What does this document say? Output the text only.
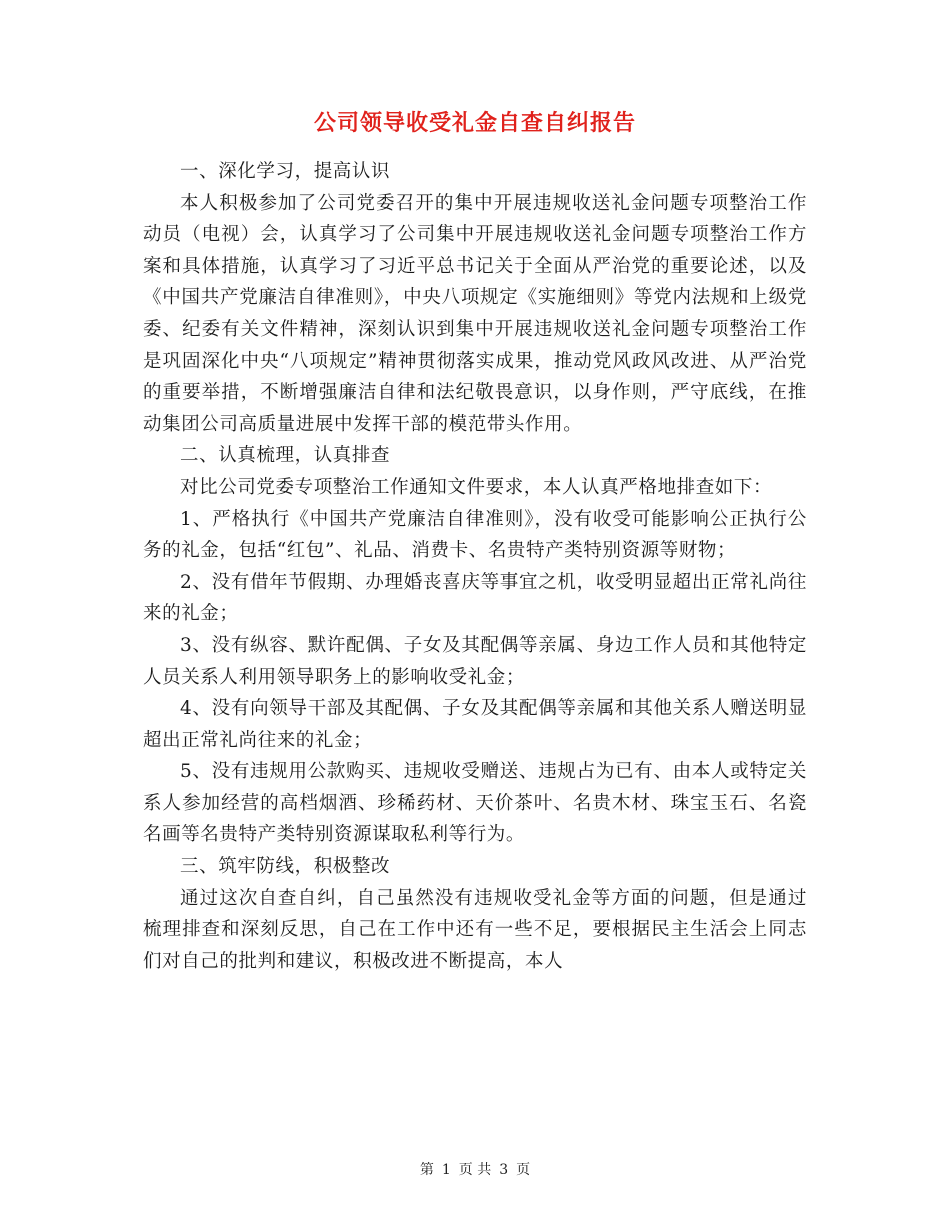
公司领导收受礼金自查自纠报告

一、深化学习，提高认识

本人积极参加了公司党委召开的集中开展违规收送礼金问题专项整治工作动员（电视）会，认真学习了公司集中开展违规收送礼金问题专项整治工作方案和具体措施，认真学习了习近平总书记关于全面从严治党的重要论述，以及《中国共产党廉洁自律准则》，中央八项规定《实施细则》等党内法规和上级党委、纪委有关文件精神，深刻认识到集中开展违规收送礼金问题专项整治工作是巩固深化中央“八项规定”精神贯彻落实成果，推动党风政风改进、从严治党的重要举措，不断增强廉洁自律和法纪敬畏意识，以身作则，严守底线，在推动集团公司高质量进展中发挥干部的模范带头作用。

二、认真梳理，认真排查

对比公司党委专项整治工作通知文件要求，本人认真严格地排查如下：

1、严格执行《中国共产党廉洁自律准则》，没有收受可能影响公正执行公务的礼金，包括“红包”、礼品、消费卡、名贵特产类特别资源等财物；

2、没有借年节假期、办理婚丧喜庆等事宜之机，收受明显超出正常礼尚往来的礼金；

3、没有纵容、默许配偶、子女及其配偶等亲属、身边工作人员和其他特定人员关系人利用领导职务上的影响收受礼金；

4、没有向领导干部及其配偶、子女及其配偶等亲属和其他关系人赠送明显超出正常礼尚往来的礼金；

5、没有违规用公款购买、违规收受赠送、违规占为已有、由本人或特定关系人参加经营的高档烟酒、珍稀药材、天价茶叶、名贵木材、珠宝玉石、名瓷名画等名贵特产类特别资源谋取私利等行为。

三、筑牢防线，积极整改

通过这次自查自纠，自己虽然没有违规收受礼金等方面的问题，但是通过梳理排查和深刻反思，自己在工作中还有一些不足，要根据民主生活会上同志们对自己的批判和建议，积极改进不断提高，本人

第 1 页 共 3 页
